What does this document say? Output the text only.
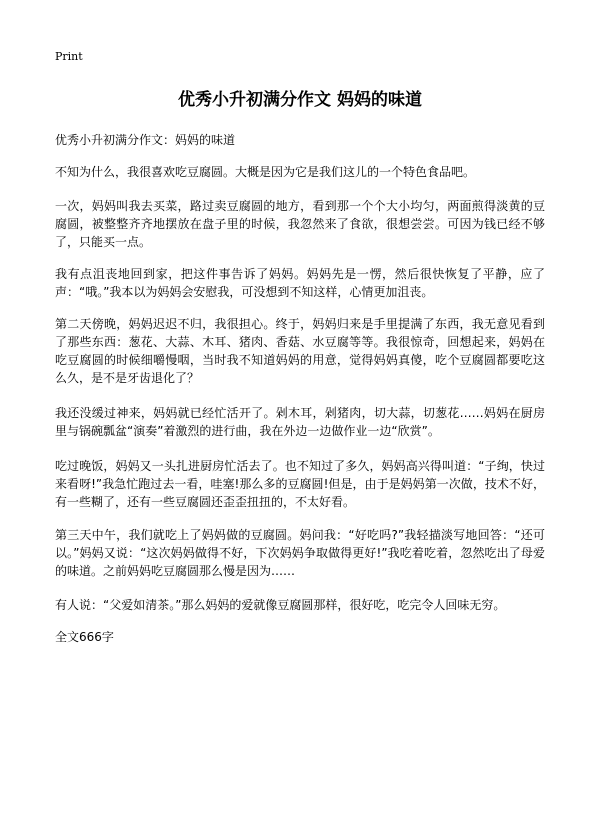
Print
优秀小升初满分作文 妈妈的味道

优秀小升初满分作文：妈妈的味道

不知为什么，我很喜欢吃豆腐圆。大概是因为它是我们这儿的一个特色食品吧。

一次，妈妈叫我去买菜，路过卖豆腐圆的地方，看到那一个个大小均匀，两面煎得淡黄的豆腐圆，被整整齐齐地摆放在盘子里的时候，我忽然来了食欲，很想尝尝。可因为钱已经不够了，只能买一点。

我有点沮丧地回到家，把这件事告诉了妈妈。妈妈先是一愣，然后很快恢复了平静，应了声：“哦。”我本以为妈妈会安慰我，可没想到不知这样，心情更加沮丧。

第二天傍晚，妈妈迟迟不归，我很担心。终于，妈妈归来是手里提满了东西，我无意见看到了那些东西：葱花、大蒜、木耳、猪肉、香菇、水豆腐等等。我很惊奇，回想起来，妈妈在吃豆腐圆的时候细嚼慢咽，当时我不知道妈妈的用意，觉得妈妈真傻，吃个豆腐圆都要吃这么久，是不是牙齿退化了？

我还没缓过神来，妈妈就已经忙活开了。剁木耳，剁猪肉，切大蒜，切葱花……妈妈在厨房里与锅碗瓢盆“演奏”着激烈的进行曲，我在外边一边做作业一边“欣赏”。

吃过晚饭，妈妈又一头扎进厨房忙活去了。也不知过了多久，妈妈高兴得叫道：“子绚，快过来看呀!”我急忙跑过去一看，哇塞!那么多的豆腐圆!但是，由于是妈妈第一次做，技术不好，有一些糊了，还有一些豆腐圆还歪歪扭扭的，不太好看。

第三天中午，我们就吃上了妈妈做的豆腐圆。妈问我：“好吃吗?”我轻描淡写地回答：“还可以。”妈妈又说：“这次妈妈做得不好，下次妈妈争取做得更好!”我吃着吃着，忽然吃出了母爱的味道。之前妈妈吃豆腐圆那么慢是因为……

有人说：“父爱如清茶。”那么妈妈的爱就像豆腐圆那样，很好吃，吃完令人回味无穷。

全文666字
